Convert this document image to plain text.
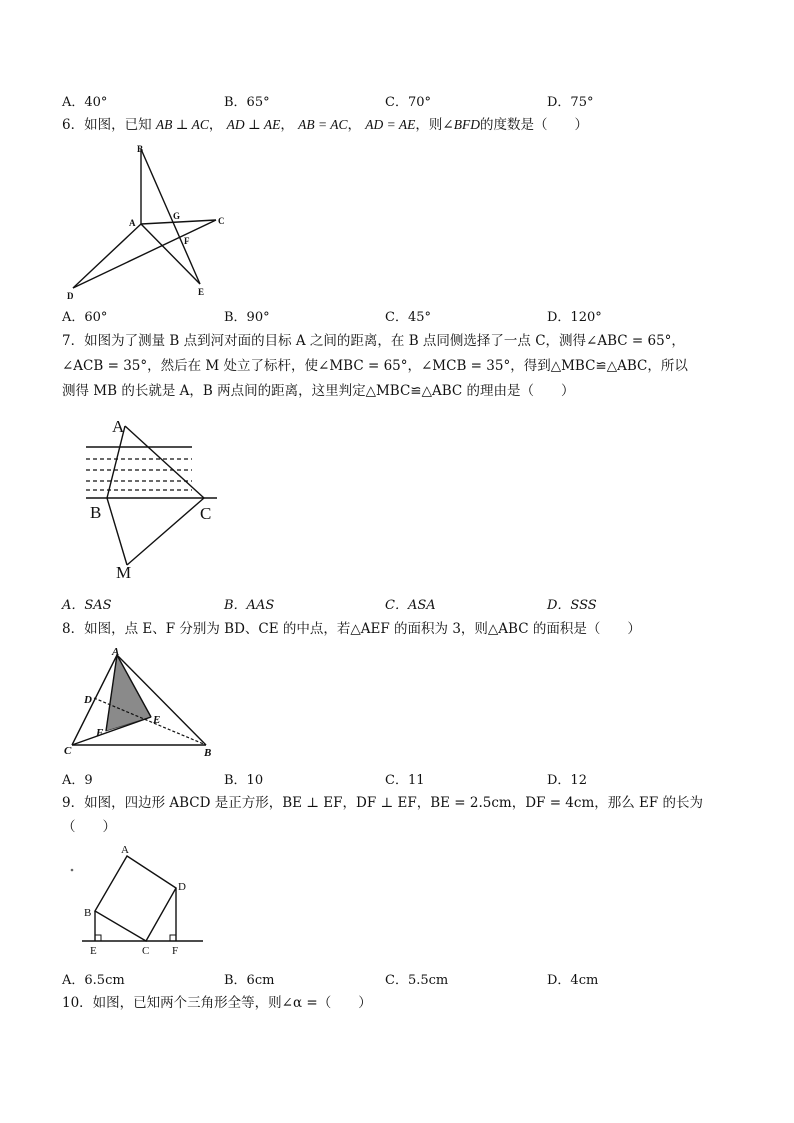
A．40°	B．65°	C．70°	D．75°
6．如图，已知 AB ⊥ AC， AD ⊥ AE， AB = AC， AD = AE，则∠BFD的度数是（　　）
B
A
G	C
F
D	E
A．60°	B．90°	C．45°	D．120°
7．如图为了测量 B 点到河对面的目标 A 之间的距离，在 B 点同侧选择了一点 C，测得∠ABC = 65°，
∠ACB = 35°，然后在 M 处立了标杆，使∠MBC = 65°，∠MCB = 35°，得到△MBC≌△ABC，所以
测得 MB 的长就是 A，B 两点间的距离，这里判定△MBC≌△ABC 的理由是（　　）
A
B	C
M
A．SAS	B．AAS	C．ASA	D．SSS
8．如图，点 E、F 分别为 BD、CE 的中点，若△AEF 的面积为 3，则△ABC 的面积是（　　）
A
D
F
E
C	B
A．9	B．10	C．11	D．12
9．如图，四边形 ABCD 是正方形，BE ⊥ EF，DF ⊥ EF，BE = 2.5cm，DF = 4cm，那么 EF 的长为
（　　）
A
D
B
E	C F
A．6.5cm	B．6cm	C．5.5cm	D．4cm
10．如图，已知两个三角形全等，则∠α =（　　）
